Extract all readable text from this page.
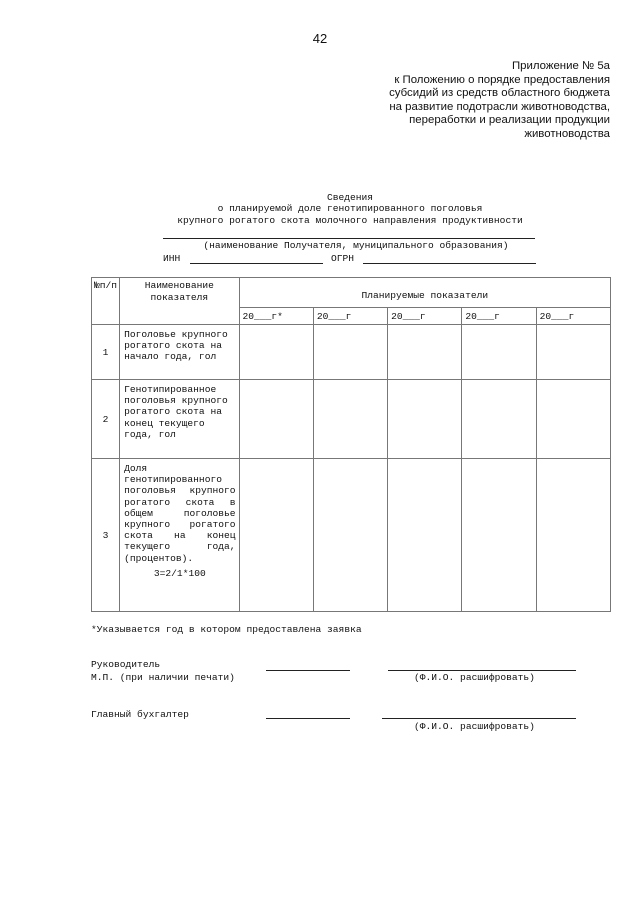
42
Приложение № 5а
к Положению о порядке предоставления
субсидий из средств областного бюджета
на развитие подотрасли животноводства,
переработки и реализации продукции
животноводства
Сведения
о планируемой доле генотипированного поголовья
крупного рогатого скота молочного направления продуктивности
(наименование Получателя, муниципального образования)
ИНН	ОГРН
№п/п	Наименование показателя	Планируемые показатели				
		20___г*	20___г	20___г	20___г	20___г
1	Поголовье крупного рогатого скота на начало года, гол					
2	Генотипированное поголовья крупного рогатого скота на конец текущего года, гол					
3	Доля генотипированного поголовья крупного рогатого скота в общем поголовье крупного рогатого скота на конец текущего года, (процентов).
3=2/1*100					

*Указывается год в котором предоставлена заявка
Руководитель
М.П. (при наличии печати)	(Ф.И.О. расшифровать)
Главный бухгалтер
(Ф.И.О. расшифровать)
